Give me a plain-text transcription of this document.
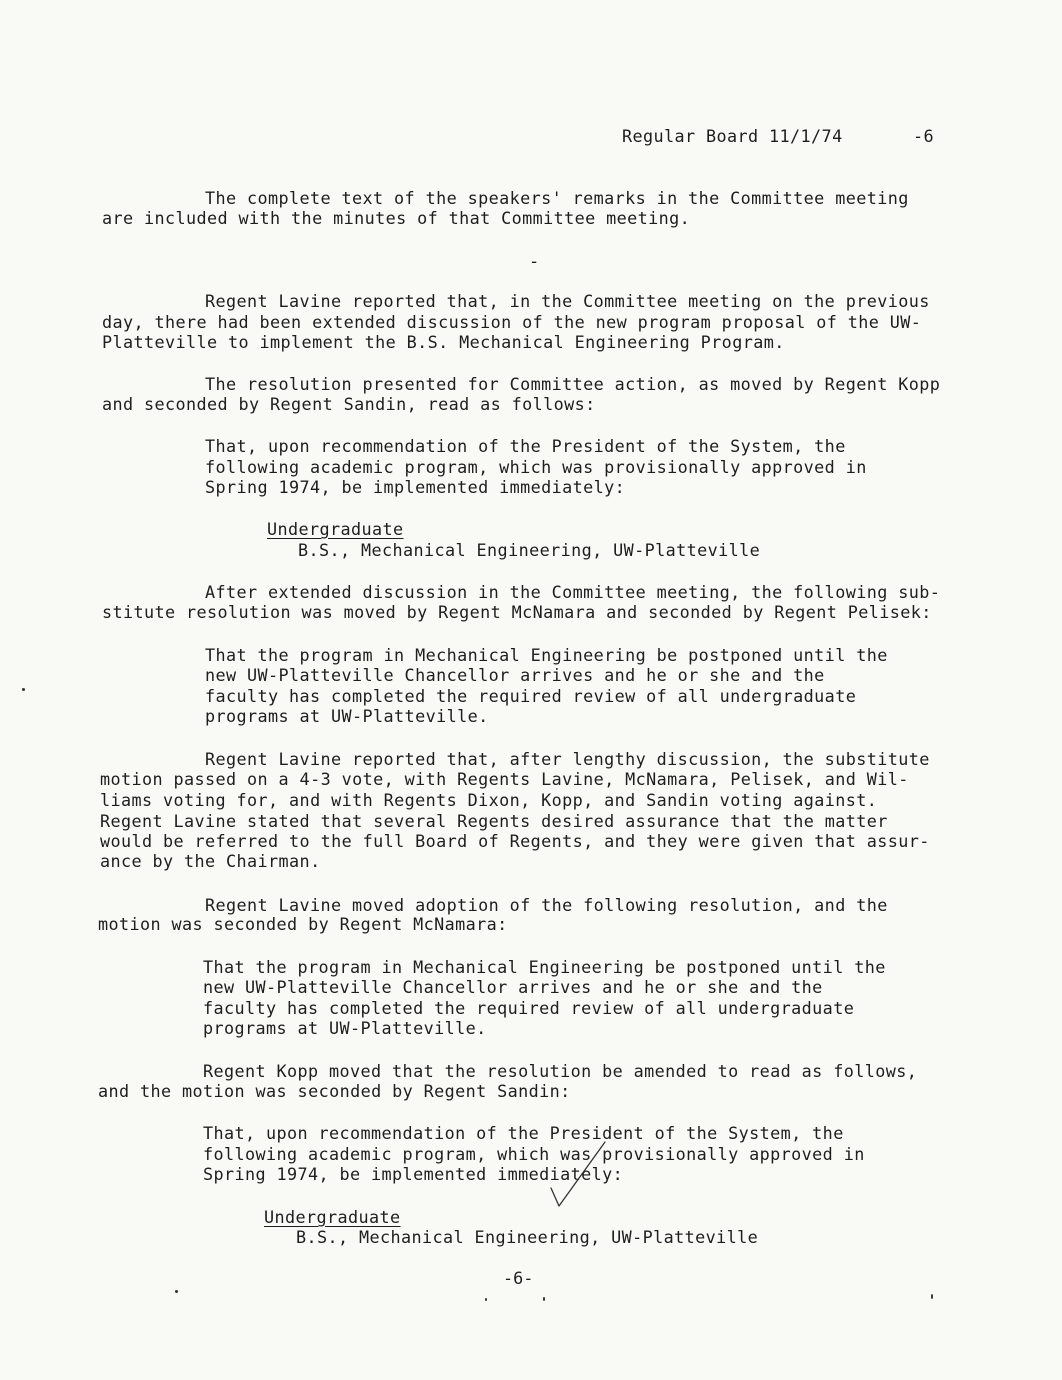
Regular Board 11/1/74	-6

The complete text of the speakers' remarks in the Committee meeting

are included with the minutes of that Committee meeting.

-

Regent Lavine reported that, in the Committee meeting on the previous

day, there had been extended discussion of the new program proposal of the UW-

Platteville to implement the B.S. Mechanical Engineering Program.

The resolution presented for Committee action, as moved by Regent Kopp

and seconded by Regent Sandin, read as follows:

That, upon recommendation of the President of the System, the

following academic program, which was provisionally approved in

Spring 1974, be implemented immediately:

Undergraduate

B.S., Mechanical Engineering, UW-Platteville

After extended discussion in the Committee meeting, the following sub-

stitute resolution was moved by Regent McNamara and seconded by Regent Pelisek:

That the program in Mechanical Engineering be postponed until the

new UW-Platteville Chancellor arrives and he or she and the

faculty has completed the required review of all undergraduate

programs at UW-Platteville.

Regent Lavine reported that, after lengthy discussion, the substitute

motion passed on a 4-3 vote, with Regents Lavine, McNamara, Pelisek, and Wil-

liams voting for, and with Regents Dixon, Kopp, and Sandin voting against.

Regent Lavine stated that several Regents desired assurance that the matter

would be referred to the full Board of Regents, and they were given that assur-

ance by the Chairman.

Regent Lavine moved adoption of the following resolution, and the

motion was seconded by Regent McNamara:

That the program in Mechanical Engineering be postponed until the

new UW-Platteville Chancellor arrives and he or she and the

faculty has completed the required review of all undergraduate

programs at UW-Platteville.

Regent Kopp moved that the resolution be amended to read as follows,

and the motion was seconded by Regent Sandin:

That, upon recommendation of the President of the System, the

following academic program, which was provisionally approved in

Spring 1974, be implemented immediately:

Undergraduate

B.S., Mechanical Engineering, UW-Platteville

-6-
